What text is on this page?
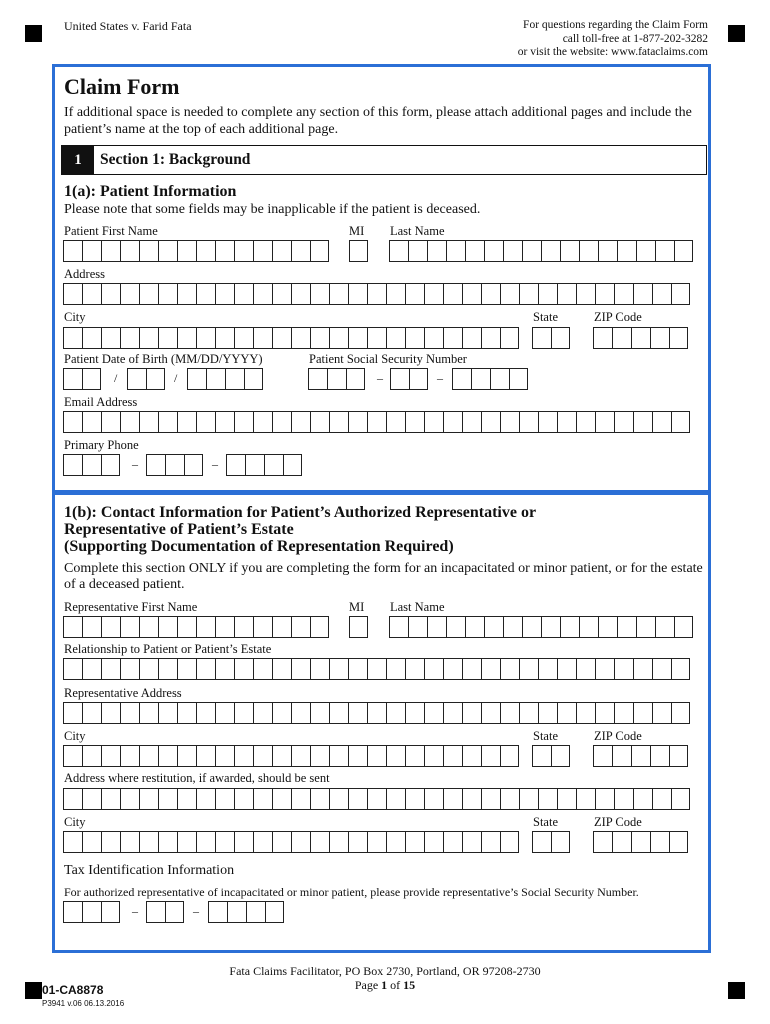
United States v. Farid Fata	For questions regarding the Claim Form
call toll-free at 1-877-202-3282
or visit the website: www.fataclaims.com
Claim Form
If additional space is needed to complete any section of this form, please attach additional pages and include the patient’s name at the top of each additional page.
1	Section 1: Background
1(a): Patient Information
Please note that some fields may be inapplicable if the patient is deceased.
Patient First Name	MI Last Name
Address
City	State	ZIP Code
Patient Date of Birth (MM/DD/YYYY)	Patient Social Security Number
/	/	–	–
Email Address
Primary Phone
–	–
1(b): Contact Information for Patient’s Authorized Representative or
Representative of Patient’s Estate
(Supporting Documentation of Representation Required)
Complete this section ONLY if you are completing the form for an incapacitated or minor patient, or for the estate of a deceased patient.
Representative First Name	MI Last Name
Relationship to Patient or Patient’s Estate
Representative Address
City	State	ZIP Code
Address where restitution, if awarded, should be sent
City	State	ZIP Code
Tax Identification Information
For authorized representative of incapacitated or minor patient, please provide representative’s Social Security Number.
–	–
Fata Claims Facilitator, PO Box 2730, Portland, OR 97208-2730
Page 1 of 15
01-CA8878
P3941 v.06 06.13.2016
